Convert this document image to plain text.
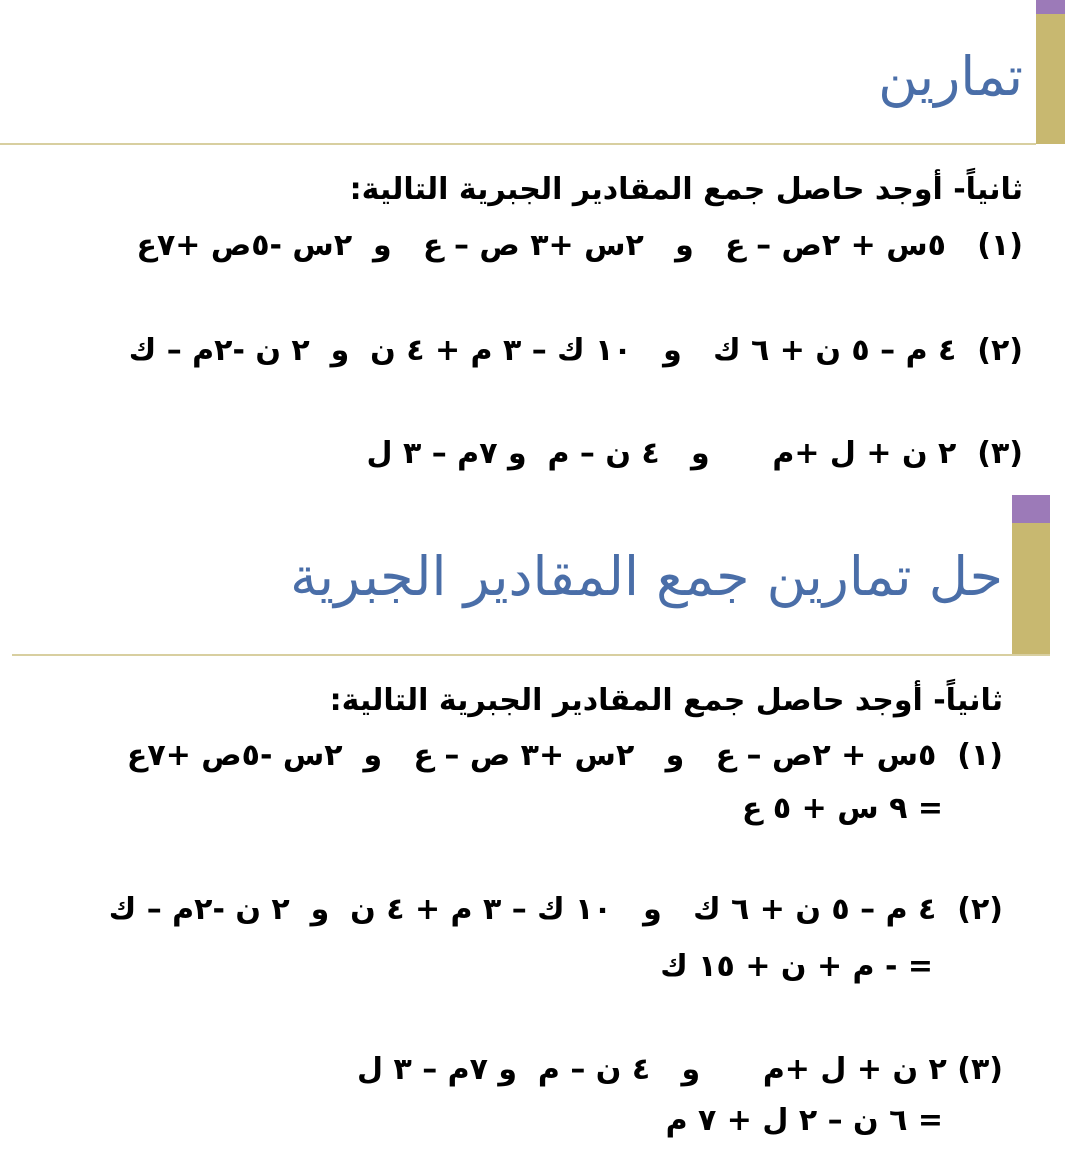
تمارين
ثانياً- أوجد حاصل جمع المقادير الجبرية التالية:
(١)   ٥س + ٢ص – ع   و   ٢س +٣ ص – ع   و  ٢س -٥ص +٧ع
(٢)  ٤ م – ٥ ن + ٦ ك   و   ١٠ ك – ٣ م + ٤ ن  و  ٢ ن -٢م – ك
(٣)  ٢ ن + ل +م      و   ٤ ن – م  و ٧م – ٣ ل
حل تمارين جمع المقادير الجبرية
ثانياً- أوجد حاصل جمع المقادير الجبرية التالية:
(١)  ٥س + ٢ص – ع   و   ٢س +٣ ص – ع   و  ٢س -٥ص +٧ع
= ٩ س + ٥ ع
(٢)  ٤ م – ٥ ن + ٦ ك   و   ١٠ ك – ٣ م + ٤ ن  و  ٢ ن -٢م – ك
= - م + ن + ١٥ ك
(٣) ٢ ن + ل +م      و   ٤ ن – م  و ٧م – ٣ ل
= ٦ ن – ٢ ل + ٧ م
